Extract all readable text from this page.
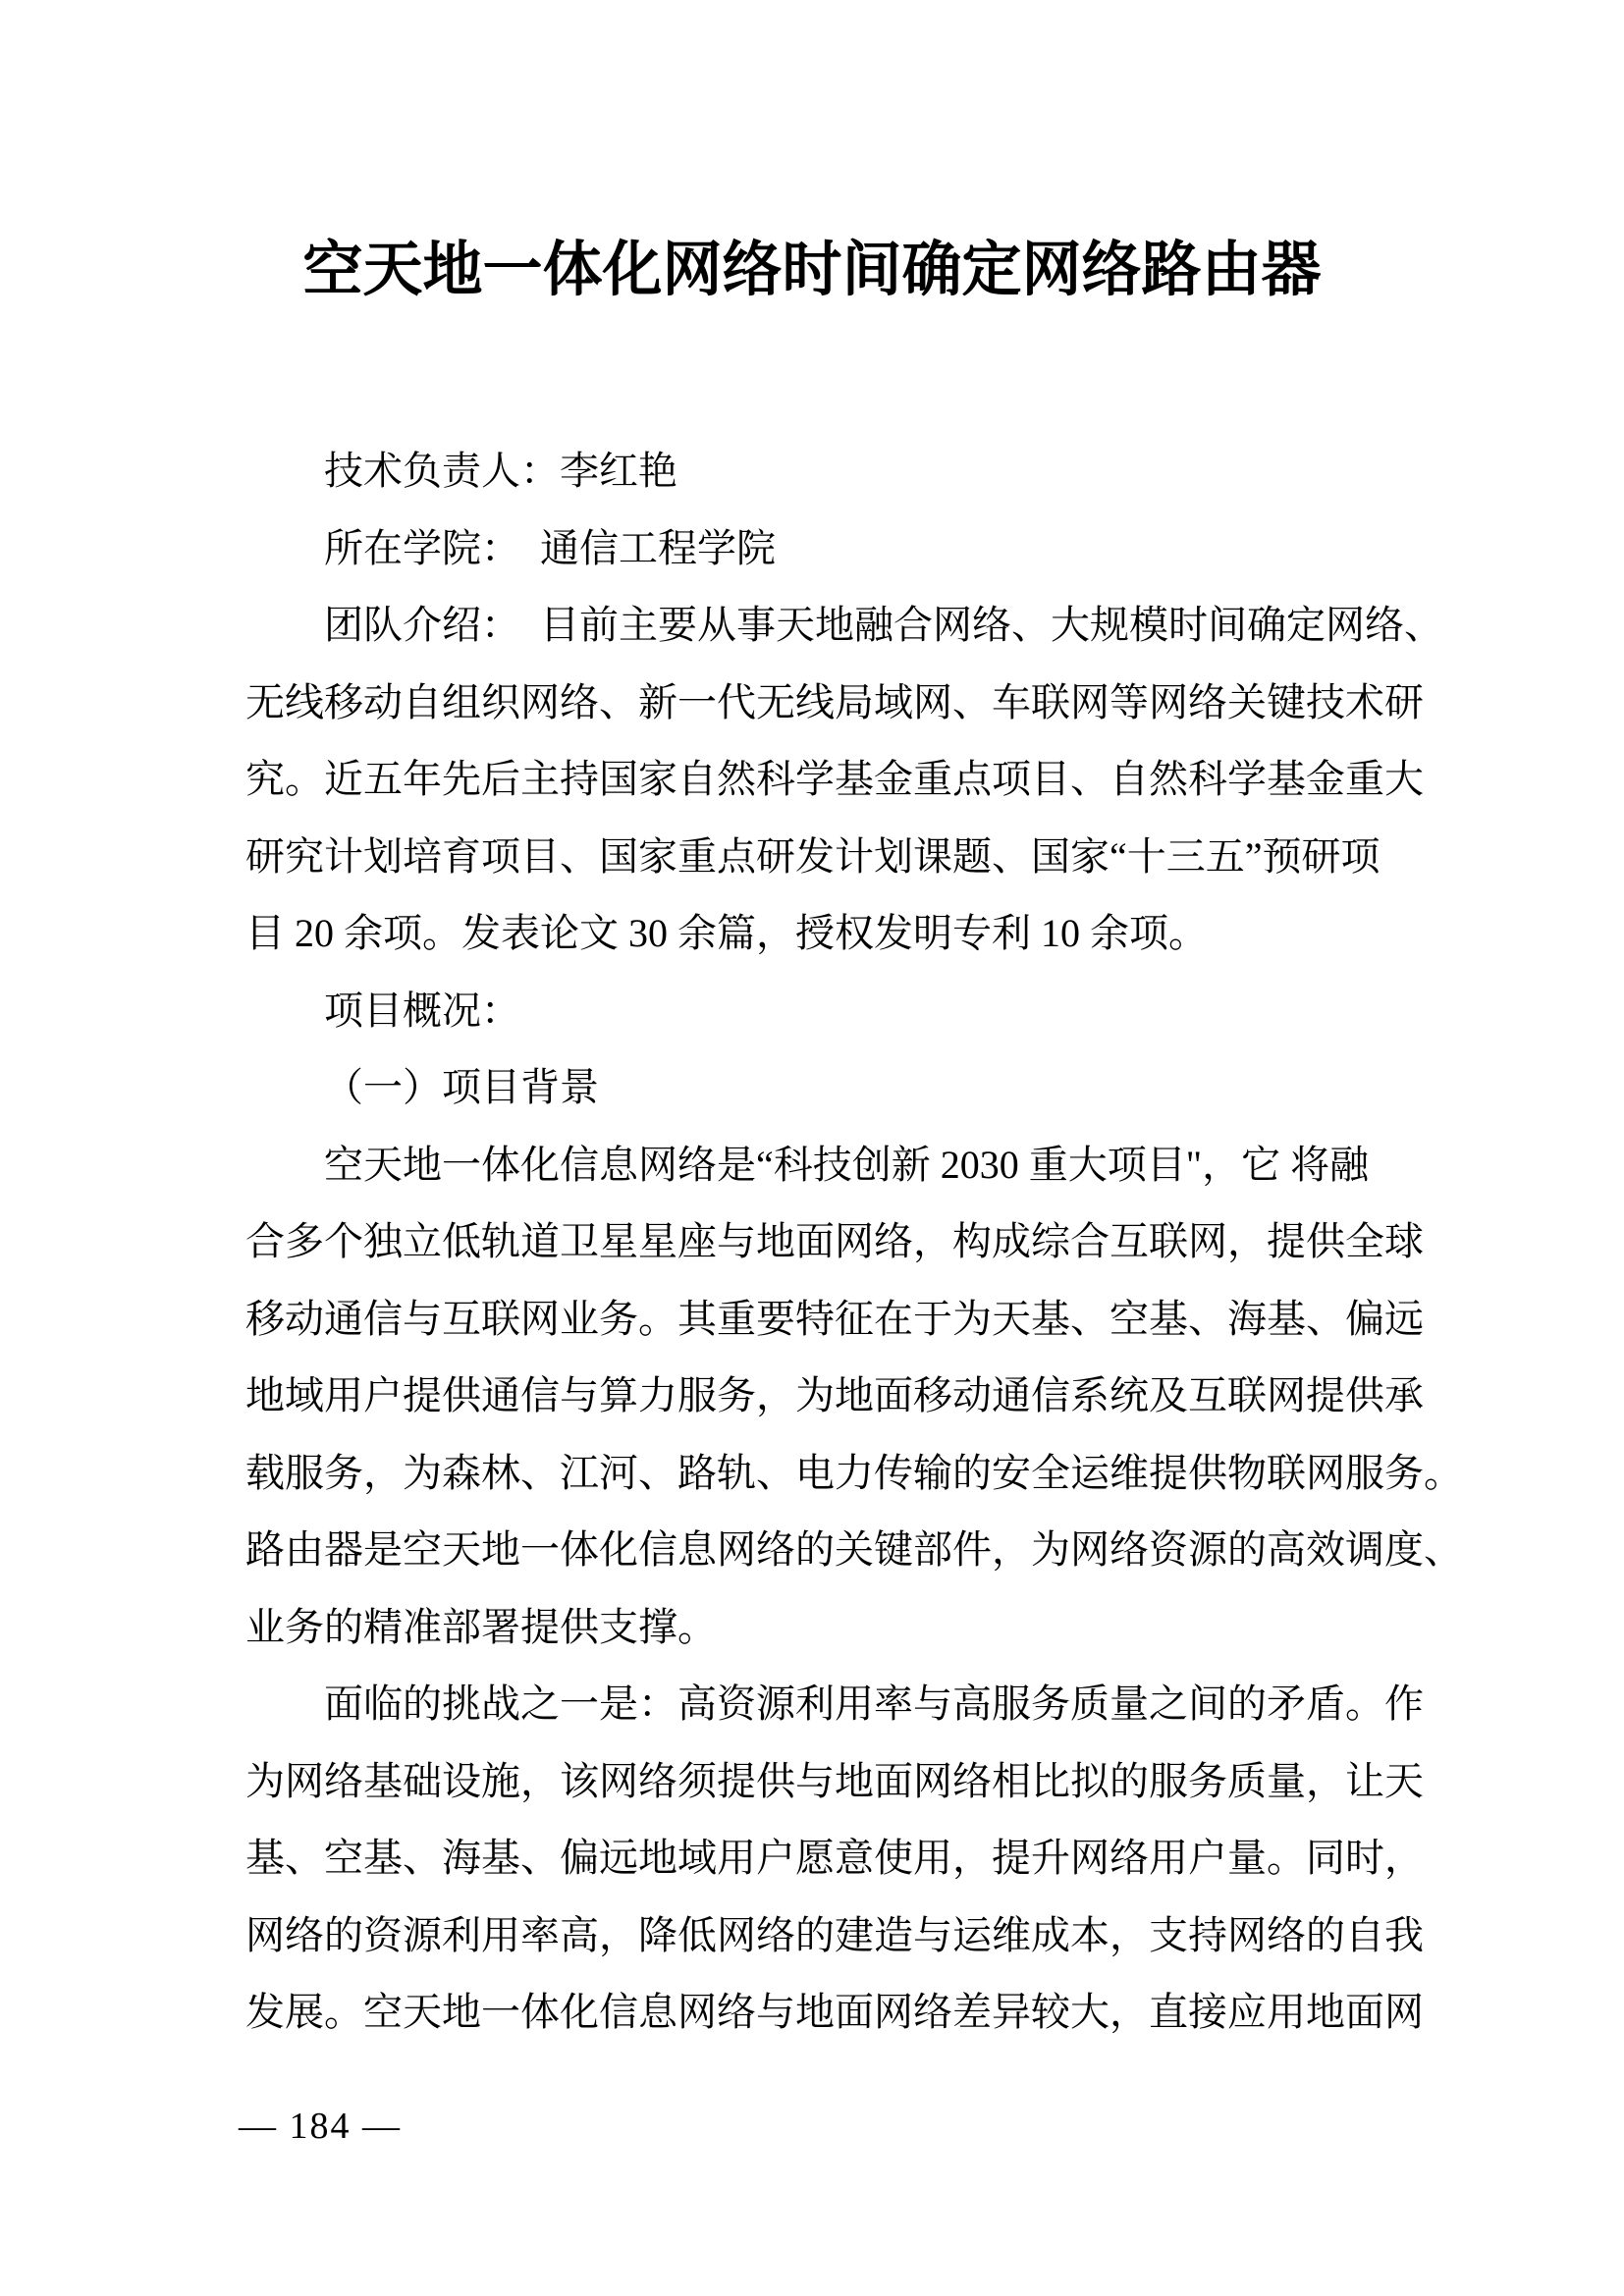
空天地一体化网络时间确定网络路由器
技术负责人：李红艳
所在学院：　通信工程学院
团队介绍：　目前主要从事天地融合网络、大规模时间确定网络、
无线移动自组织网络、新一代无线局域网、车联网等网络关键技术研
究。近五年先后主持国家自然科学基金重点项目、自然科学基金重大
研究计划培育项目、国家重点研发计划课题、国家“十三五”预研项
目 20 余项。发表论文 30 余篇，授权发明专利 10 余项。
项目概况：
（一）项目背景
空天地一体化信息网络是“科技创新 2030 重大项目"，它 将融
合多个独立低轨道卫星星座与地面网络，构成综合互联网，提供全球
移动通信与互联网业务。其重要特征在于为天基、空基、海基、偏远
地域用户提供通信与算力服务，为地面移动通信系统及互联网提供承
载服务，为森林、江河、路轨、电力传输的安全运维提供物联网服务。
路由器是空天地一体化信息网络的关键部件，为网络资源的高效调度、
业务的精准部署提供支撑。
面临的挑战之一是：高资源利用率与高服务质量之间的矛盾。作
为网络基础设施，该网络须提供与地面网络相比拟的服务质量，让天
基、空基、海基、偏远地域用户愿意使用，提升网络用户量。同时，
网络的资源利用率高，降低网络的建造与运维成本，支持网络的自我
发展。空天地一体化信息网络与地面网络差异较大，直接应用地面网
— 184 —
